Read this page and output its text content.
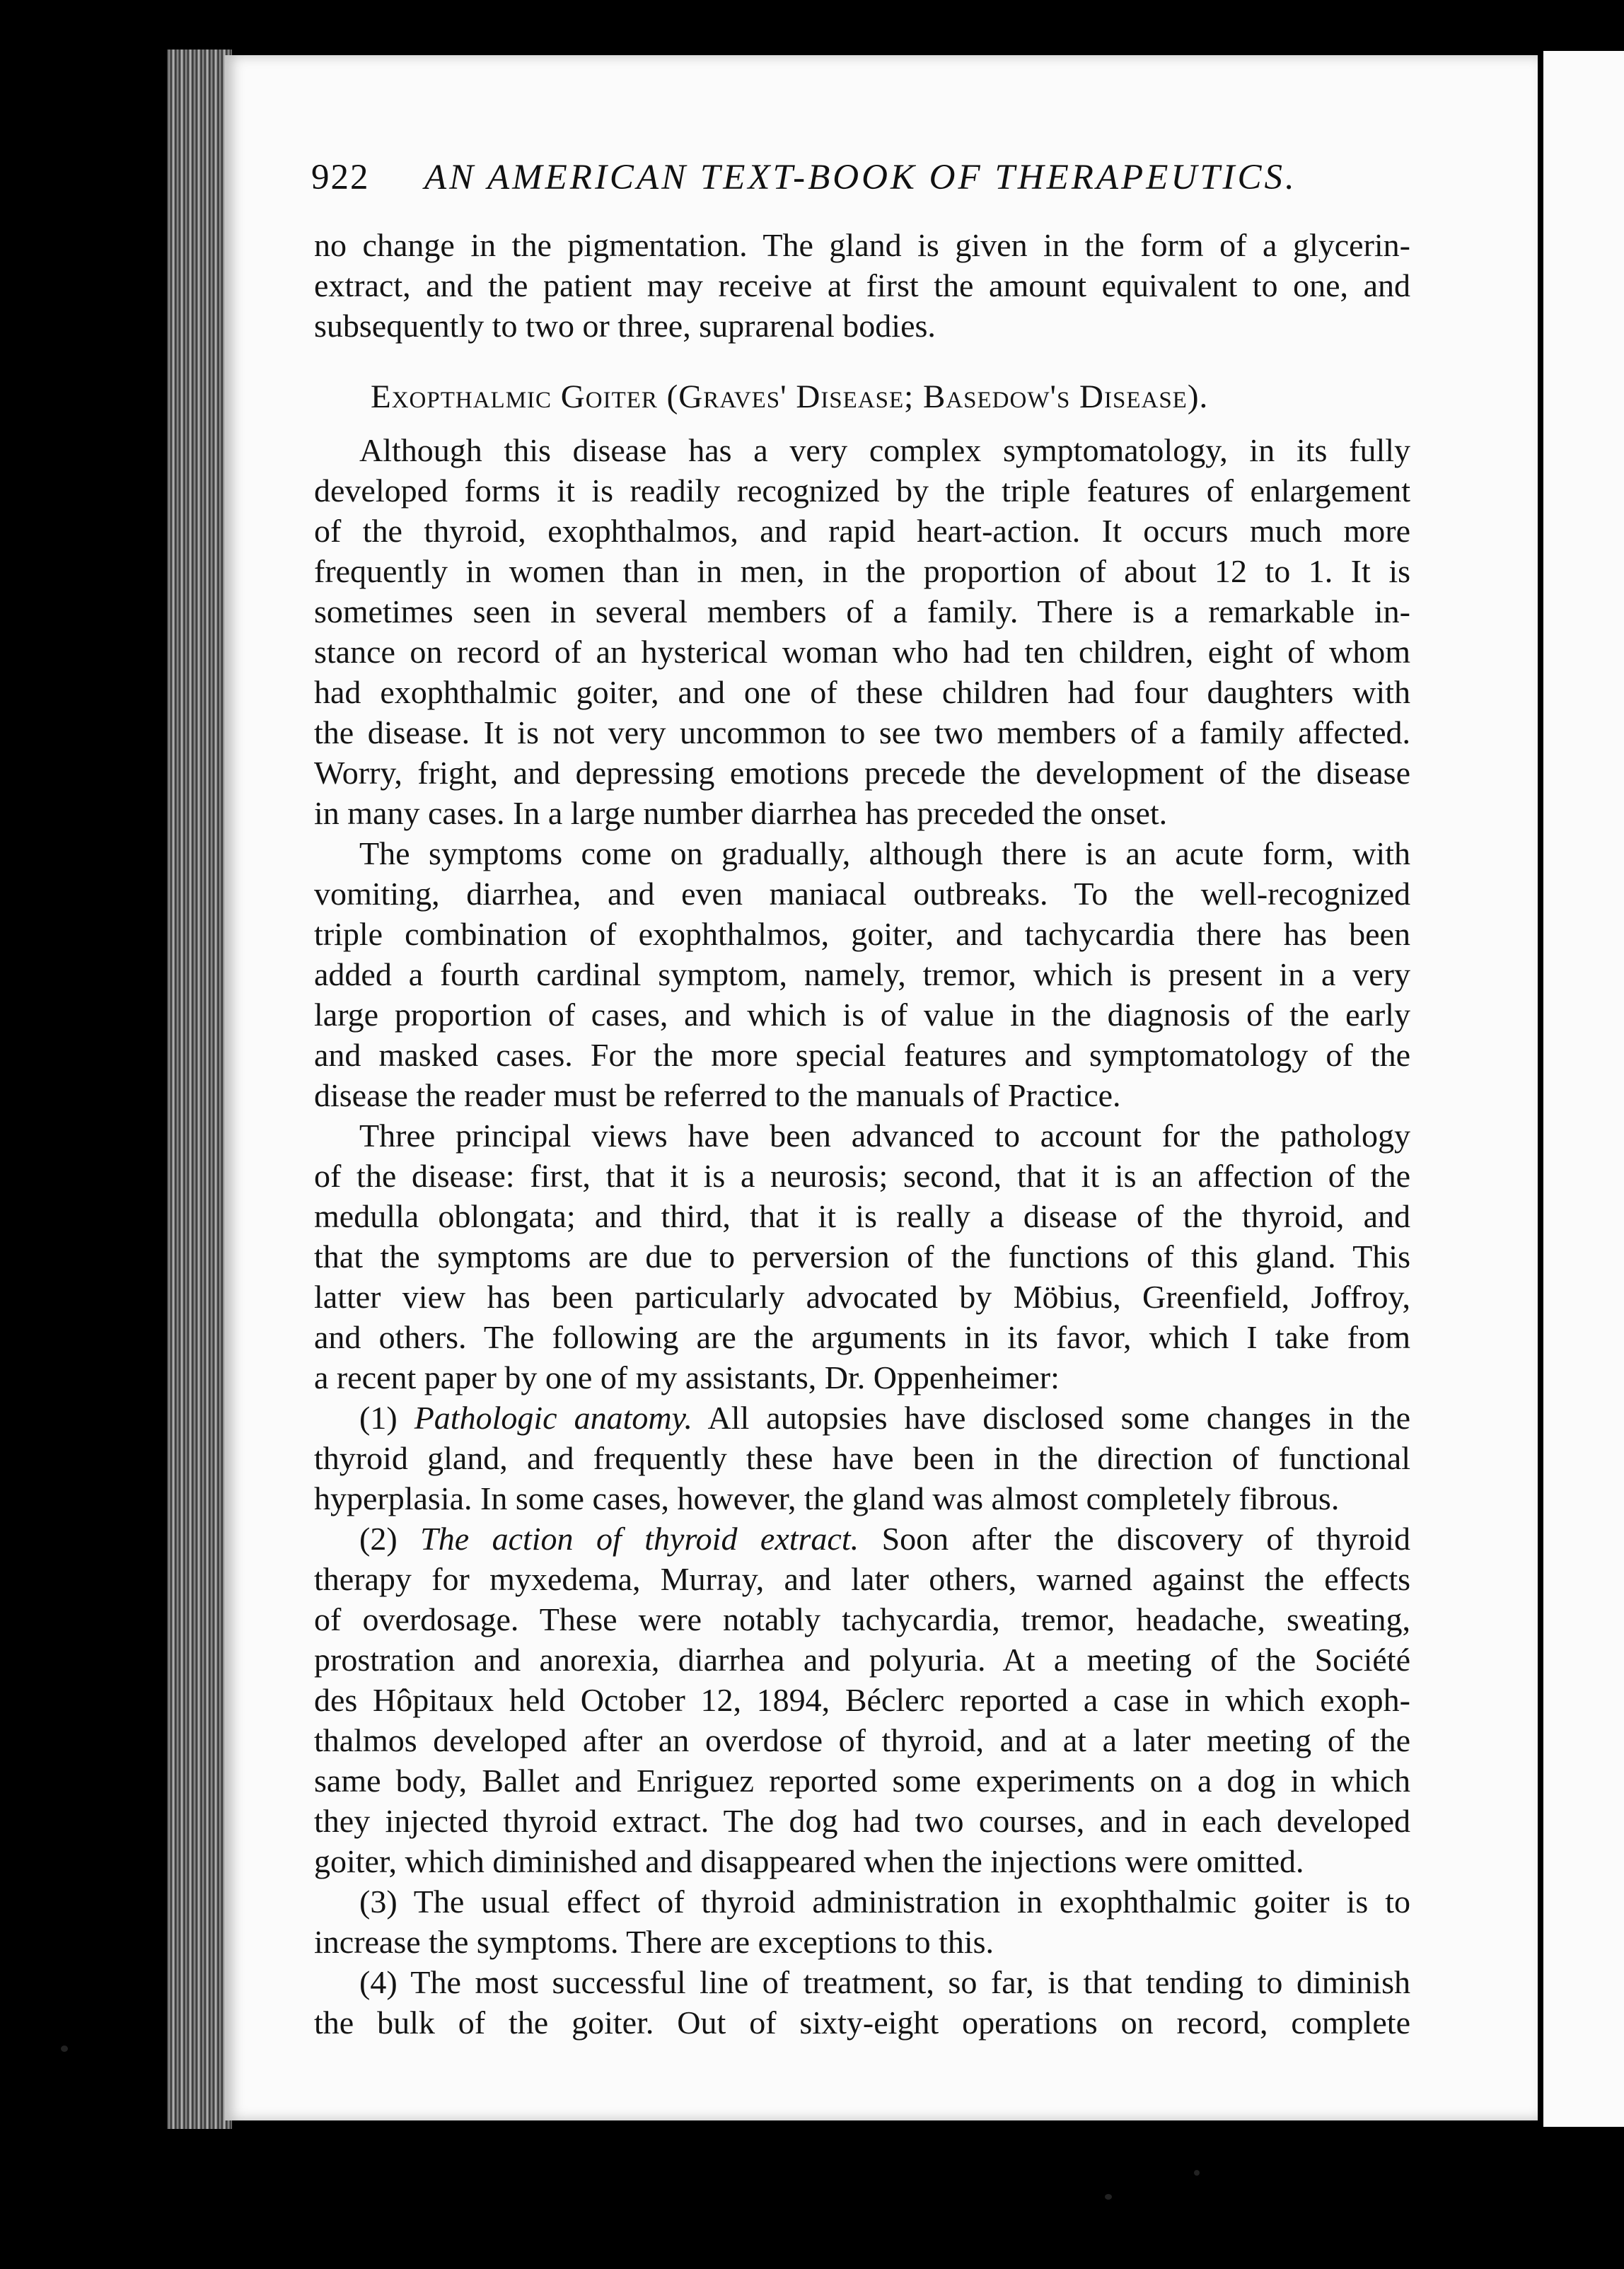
922 AN AMERICAN TEXT-BOOK OF THERAPEUTICS.

no change in the pigmentation. The gland is given in the form of a glycerin-

extract, and the patient may receive at first the amount equivalent to one, and

subsequently to two or three, suprarenal bodies.

Exopthalmic Goiter (Graves' Disease; Basedow's Disease).

Although this disease has a very complex symptomatology, in its fully

developed forms it is readily recognized by the triple features of enlargement

of the thyroid, exophthalmos, and rapid heart-action. It occurs much more

frequently in women than in men, in the proportion of about 12 to 1. It is

sometimes seen in several members of a family. There is a remarkable in-

stance on record of an hysterical woman who had ten children, eight of whom

had exophthalmic goiter, and one of these children had four daughters with

the disease. It is not very uncommon to see two members of a family affected.

Worry, fright, and depressing emotions precede the development of the disease

in many cases. In a large number diarrhea has preceded the onset.

The symptoms come on gradually, although there is an acute form, with

vomiting, diarrhea, and even maniacal outbreaks. To the well-recognized

triple combination of exophthalmos, goiter, and tachycardia there has been

added a fourth cardinal symptom, namely, tremor, which is present in a very

large proportion of cases, and which is of value in the diagnosis of the early

and masked cases. For the more special features and symptomatology of the

disease the reader must be referred to the manuals of Practice.

Three principal views have been advanced to account for the pathology

of the disease: first, that it is a neurosis; second, that it is an affection of the

medulla oblongata; and third, that it is really a disease of the thyroid, and

that the symptoms are due to perversion of the functions of this gland. This

latter view has been particularly advocated by Möbius, Greenfield, Joffroy,

and others. The following are the arguments in its favor, which I take from

a recent paper by one of my assistants, Dr. Oppenheimer:

(1) Pathologic anatomy. All autopsies have disclosed some changes in the

thyroid gland, and frequently these have been in the direction of functional

hyperplasia. In some cases, however, the gland was almost completely fibrous.

(2) The action of thyroid extract. Soon after the discovery of thyroid

therapy for myxedema, Murray, and later others, warned against the effects

of overdosage. These were notably tachycardia, tremor, headache, sweating,

prostration and anorexia, diarrhea and polyuria. At a meeting of the Société

des Hôpitaux held October 12, 1894, Béclerc reported a case in which exoph-

thalmos developed after an overdose of thyroid, and at a later meeting of the

same body, Ballet and Enriguez reported some experiments on a dog in which

they injected thyroid extract. The dog had two courses, and in each developed

goiter, which diminished and disappeared when the injections were omitted.

(3) The usual effect of thyroid administration in exophthalmic goiter is to

increase the symptoms. There are exceptions to this.

(4) The most successful line of treatment, so far, is that tending to diminish

the bulk of the goiter. Out of sixty-eight operations on record, complete
